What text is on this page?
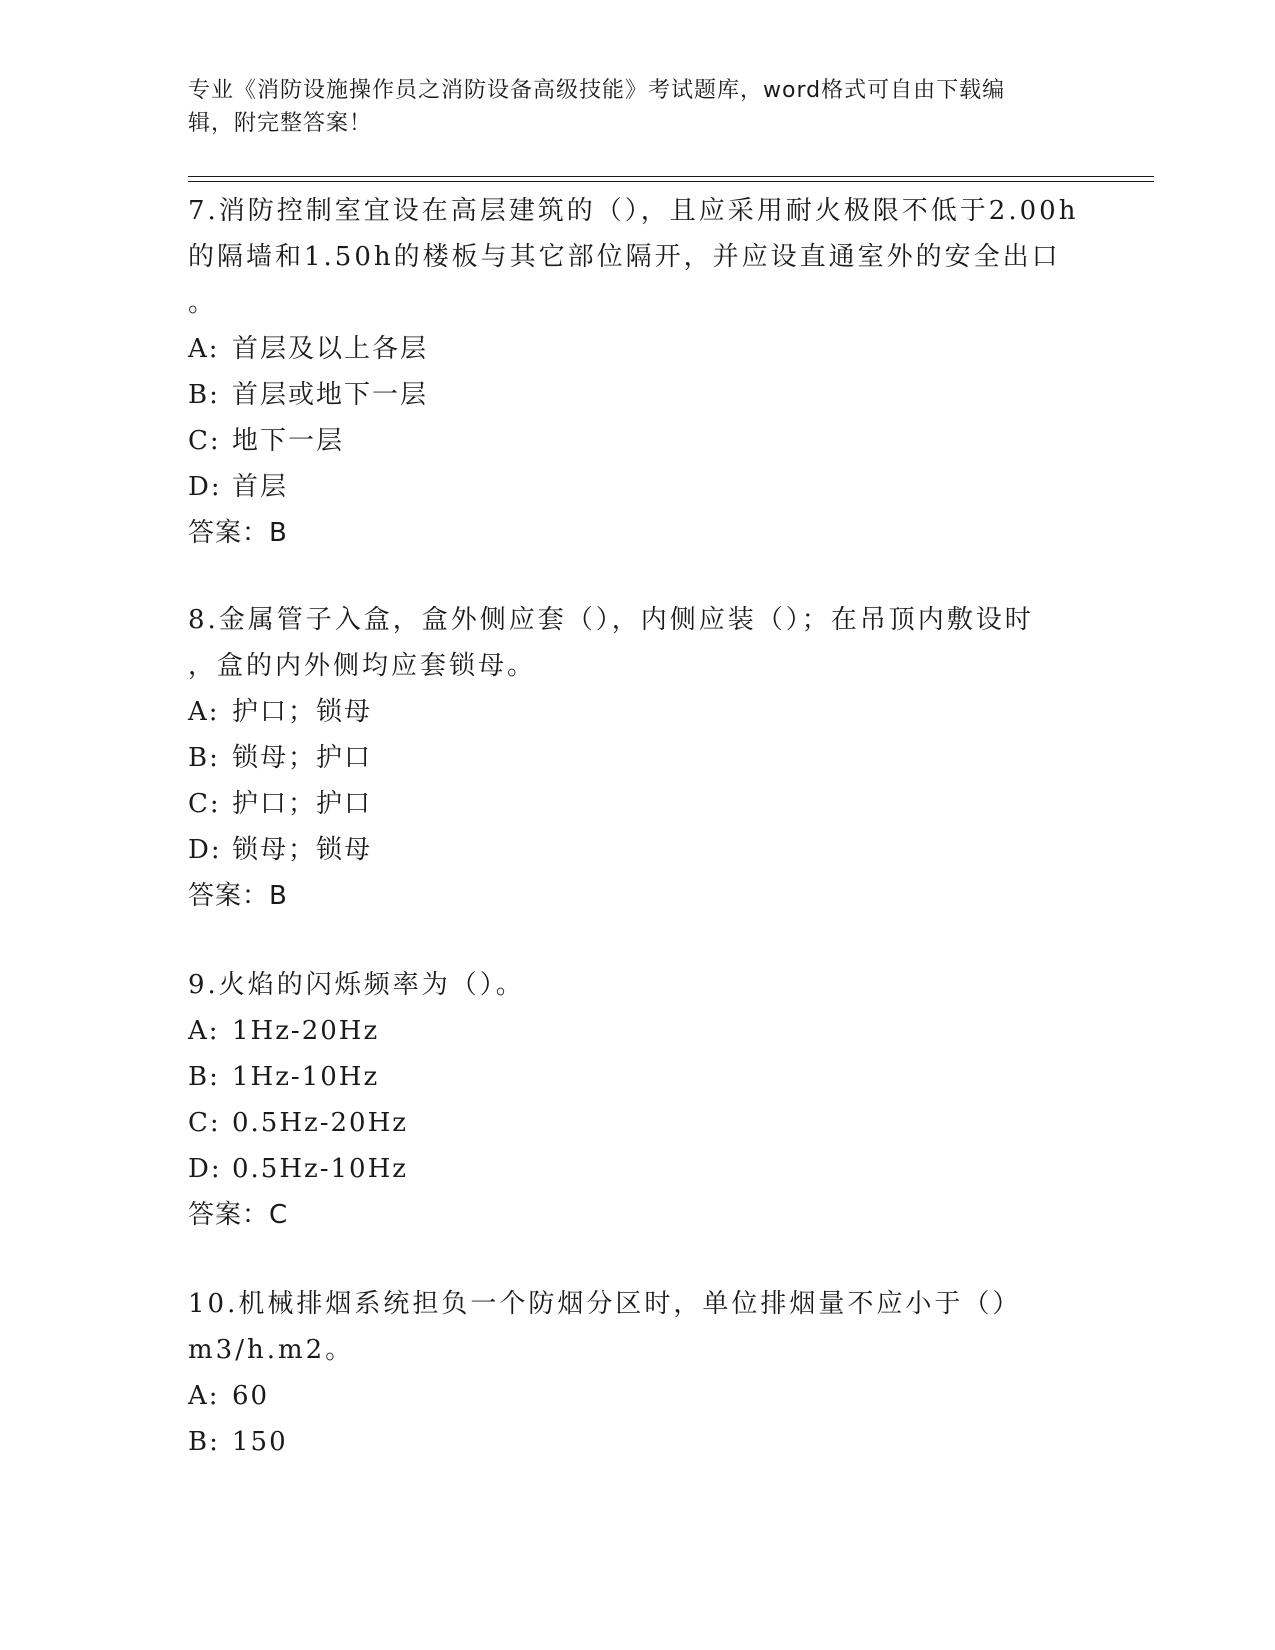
专业《消防设施操作员之消防设备高级技能》考试题库，word格式可自由下载编
辑，附完整答案！
7.消防控制室宜设在高层建筑的（），且应采用耐火极限不低于2.00h
的隔墙和1.50h的楼板与其它部位隔开，并应设直通室外的安全出口
。
A: 首层及以上各层
B: 首层或地下一层
C: 地下一层
D: 首层
答案：B
8.金属管子入盒，盒外侧应套（），内侧应装（）；在吊顶内敷设时
，盒的内外侧均应套锁母。
A: 护口；锁母
B: 锁母；护口
C: 护口；护口
D: 锁母；锁母
答案：B
9.火焰的闪烁频率为（）。
A: 1Hz-20Hz
B: 1Hz-10Hz
C: 0.5Hz-20Hz
D: 0.5Hz-10Hz
答案：C
10.机械排烟系统担负一个防烟分区时，单位排烟量不应小于（）
m3/h.m2。
A: 60
B: 150
